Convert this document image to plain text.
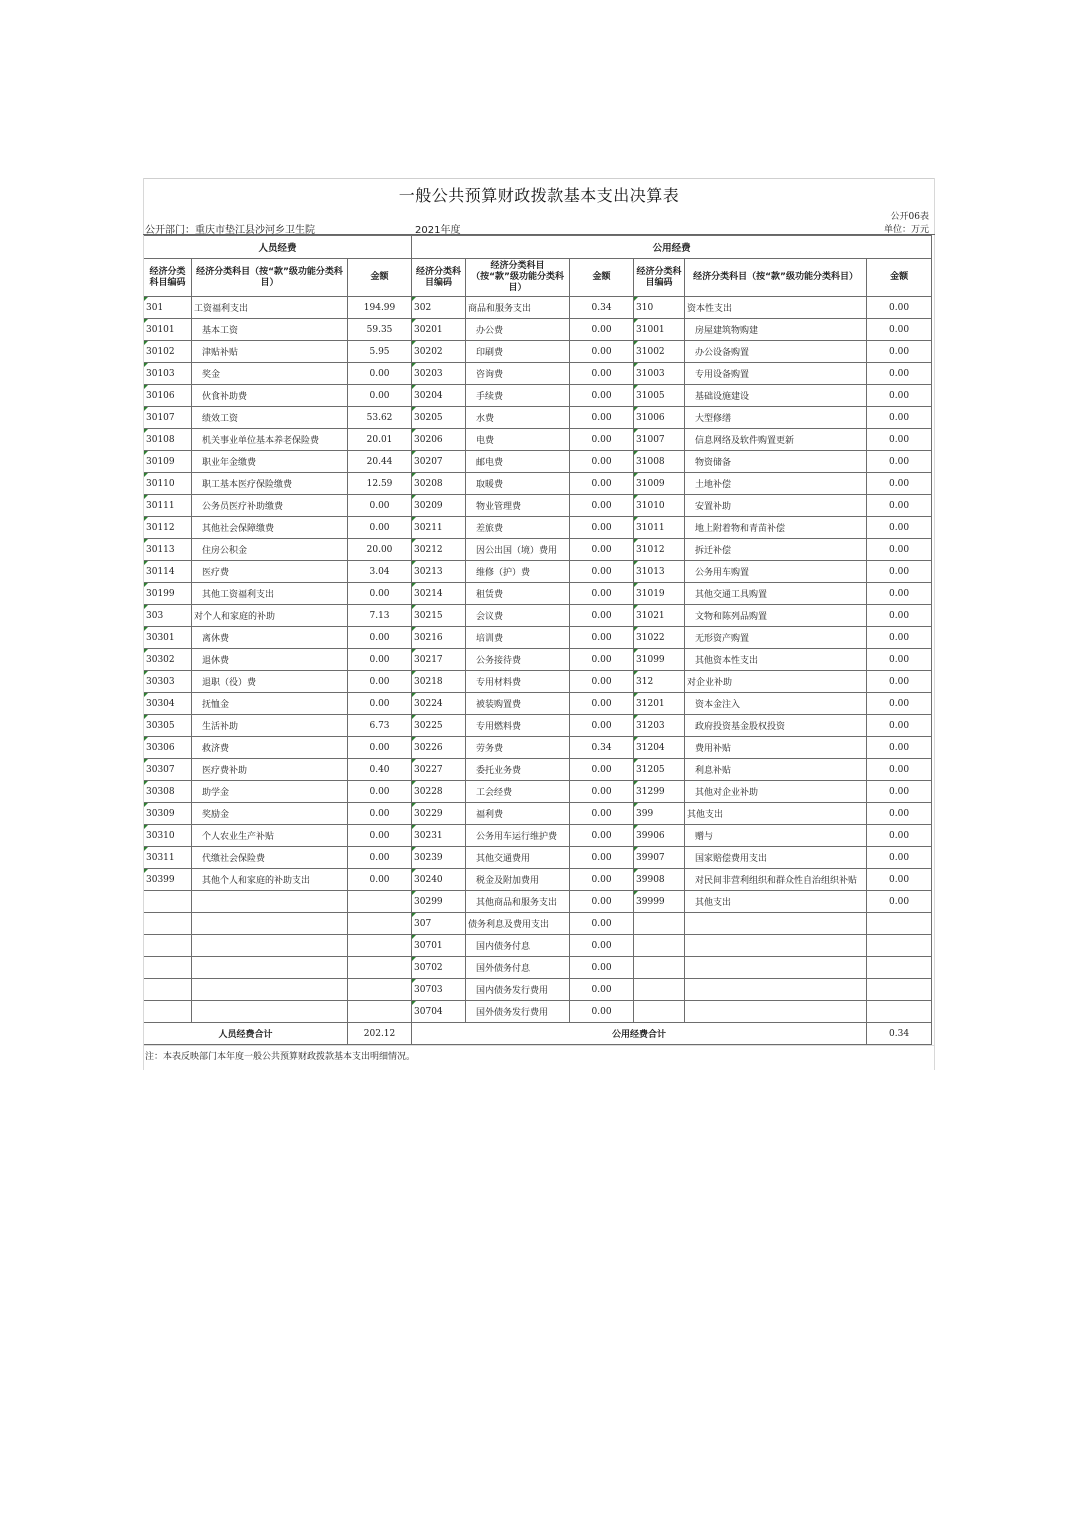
一般公共预算财政拨款基本支出决算表
公开06表
公开部门：重庆市垫江县沙河乡卫生院	2021年度	单位：万元
人员经费			公用经费					
经济分类科目编码	经济分类科目（按“款”级功能分类科目）	金额	经济分类科目编码	经济分类科目（按“款”级功能分类科目）	金额	经济分类科目编码	经济分类科目（按“款”级功能分类科目）	金额
301	工资福利支出	194.99	302	商品和服务支出	0.34	310	资本性支出	0.00
30101	基本工资	59.35	30201	办公费	0.00	31001	房屋建筑物购建	0.00
30102	津贴补贴	5.95	30202	印刷费	0.00	31002	办公设备购置	0.00
30103	奖金	0.00	30203	咨询费	0.00	31003	专用设备购置	0.00
30106	伙食补助费	0.00	30204	手续费	0.00	31005	基础设施建设	0.00
30107	绩效工资	53.62	30205	水费	0.00	31006	大型修缮	0.00
30108	机关事业单位基本养老保险费	20.01	30206	电费	0.00	31007	信息网络及软件购置更新	0.00
30109	职业年金缴费	20.44	30207	邮电费	0.00	31008	物资储备	0.00
30110	职工基本医疗保险缴费	12.59	30208	取暖费	0.00	31009	土地补偿	0.00
30111	公务员医疗补助缴费	0.00	30209	物业管理费	0.00	31010	安置补助	0.00
30112	其他社会保障缴费	0.00	30211	差旅费	0.00	31011	地上附着物和青苗补偿	0.00
30113	住房公积金	20.00	30212	因公出国（境）费用	0.00	31012	拆迁补偿	0.00
30114	医疗费	3.04	30213	维修（护）费	0.00	31013	公务用车购置	0.00
30199	其他工资福利支出	0.00	30214	租赁费	0.00	31019	其他交通工具购置	0.00
303	对个人和家庭的补助	7.13	30215	会议费	0.00	31021	文物和陈列品购置	0.00
30301	离休费	0.00	30216	培训费	0.00	31022	无形资产购置	0.00
30302	退休费	0.00	30217	公务接待费	0.00	31099	其他资本性支出	0.00
30303	退职（役）费	0.00	30218	专用材料费	0.00	312	对企业补助	0.00
30304	抚恤金	0.00	30224	被装购置费	0.00	31201	资本金注入	0.00
30305	生活补助	6.73	30225	专用燃料费	0.00	31203	政府投资基金股权投资	0.00
30306	救济费	0.00	30226	劳务费	0.34	31204	费用补贴	0.00
30307	医疗费补助	0.40	30227	委托业务费	0.00	31205	利息补贴	0.00
30308	助学金	0.00	30228	工会经费	0.00	31299	其他对企业补助	0.00
30309	奖励金	0.00	30229	福利费	0.00	399	其他支出	0.00
30310	个人农业生产补贴	0.00	30231	公务用车运行维护费	0.00	39906	赠与	0.00
30311	代缴社会保险费	0.00	30239	其他交通费用	0.00	39907	国家赔偿费用支出	0.00
30399	其他个人和家庭的补助支出	0.00	30240	税金及附加费用	0.00	39908	对民间非营利组织和群众性自治组织补贴	0.00
			30299	其他商品和服务支出	0.00	39999	其他支出	0.00
			307	债务利息及费用支出	0.00			
			30701	国内债务付息	0.00			
			30702	国外债务付息	0.00			
			30703	国内债务发行费用	0.00			
			30704	国外债务发行费用	0.00			
人员经费合计		202.12	公用经费合计					0.34
注：本表反映部门本年度一般公共预算财政拨款基本支出明细情况。
